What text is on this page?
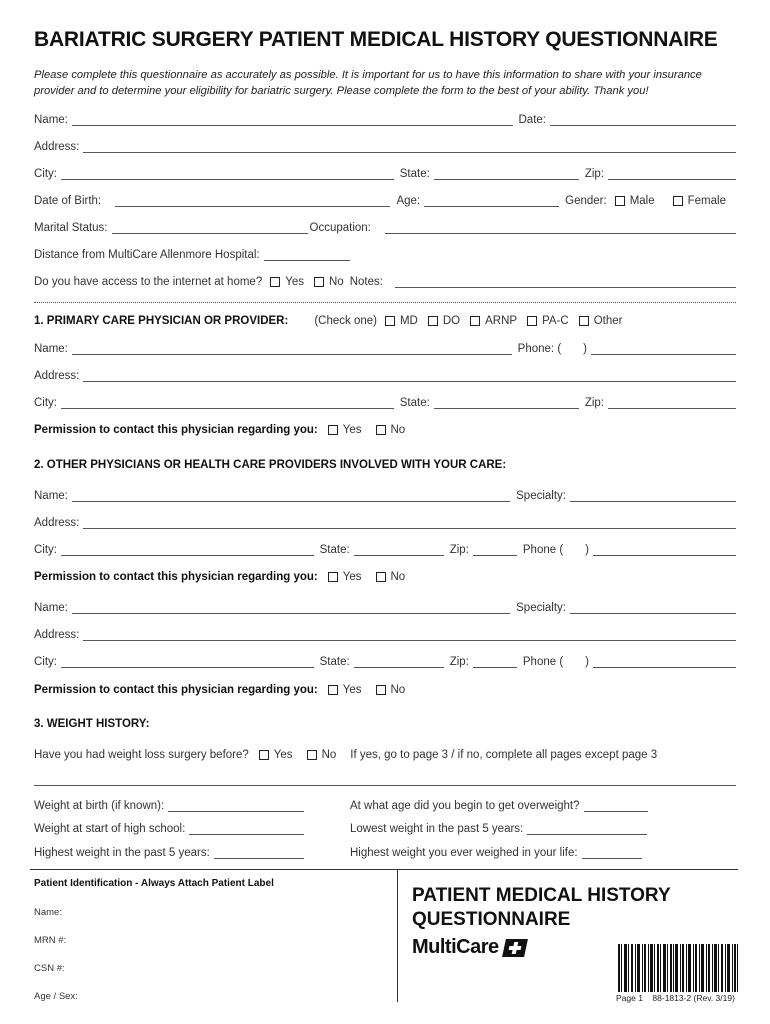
BARIATRIC SURGERY PATIENT MEDICAL HISTORY QUESTIONNAIRE
Please complete this questionnaire as accurately as possible. It is important for us to have this information to share with your insurance provider and to determine your eligibility for bariatric surgery. Please complete the form to the best of your ability. Thank you!
Name:	Date:
Address:
City:	State:	Zip:
Date of Birth:	Age:	Gender:	Male	Female
Marital Status:	Occupation:
Distance from MultiCare Allenmore Hospital:
Do you have access to the internet at home?	Yes	No Notes:
1. PRIMARY CARE PHYSICIAN OR PROVIDER:	(Check one)	MD	DO	ARNP	PA-C	Other
Name:	Phone: (	)
Address:
City:	State:	Zip:
Permission to contact this physician regarding you:	Yes	No
2. OTHER PHYSICIANS OR HEALTH CARE PROVIDERS INVOLVED WITH YOUR CARE:
Name:	Specialty:
Address:
City:	State:	Zip:	Phone (	)
Permission to contact this physician regarding you:	Yes	No
Name:	Specialty:
Address:
City:	State:	Zip:	Phone (	)
Permission to contact this physician regarding you:	Yes	No
3. WEIGHT HISTORY:
Have you had weight loss surgery before?	Yes	No	If yes, go to page 3 / if no, complete all pages except page 3
Weight at birth (if known):	At what age did you begin to get overweight?
Weight at start of high school:	Lowest weight in the past 5 years:
Highest weight in the past 5 years:	Highest weight you ever weighed in your life:
Patient Identification - Always Attach Patient Label
Name:
MRN #:
CSN #:
Age / Sex:
PATIENT MEDICAL HISTORY
QUESTIONNAIRE
MultiCare
Page 1 88-1813-2 (Rev. 3/19)
